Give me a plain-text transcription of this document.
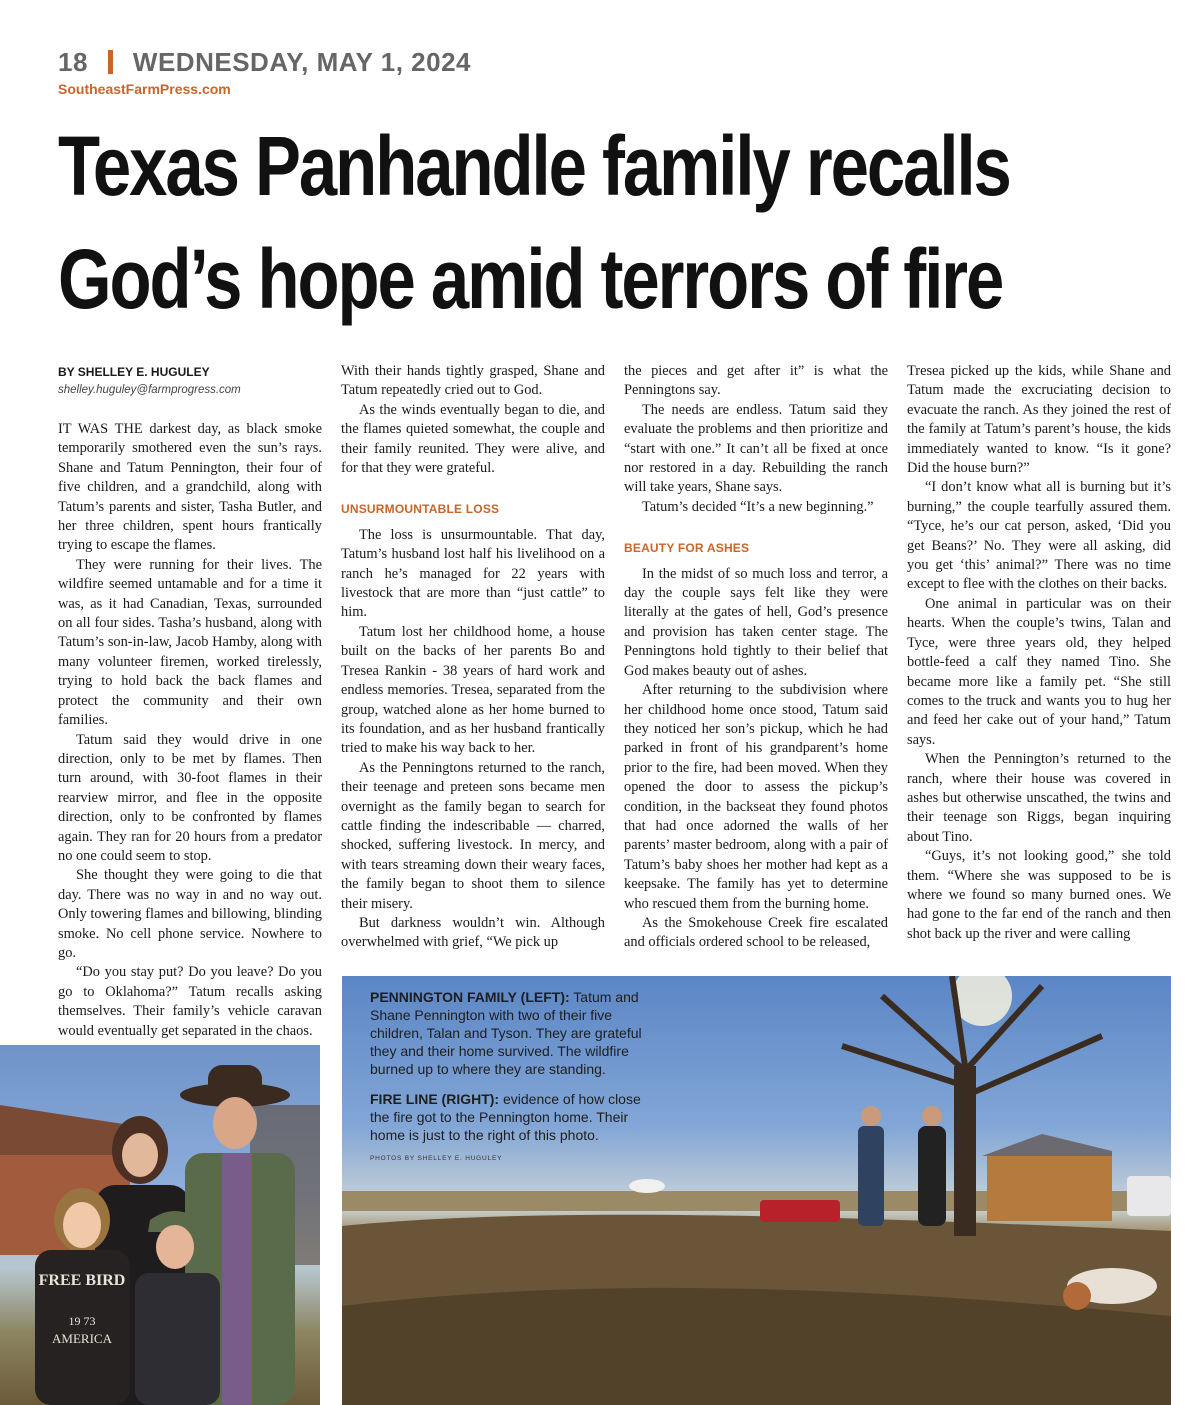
18 WEDNESDAY, MAY 1, 2024
SoutheastFarmPress.com
Texas Panhandle family recalls
God’s hope amid terrors of fire
BY SHELLEY E. HUGULEY
shelley.huguley@farmprogress.com

IT WAS THE darkest day, as black smoke temporarily smothered even the sun’s rays. Shane and Tatum Pennington, their four of five children, and a grandchild, along with Tatum’s parents and sister, Tasha Butler, and her three children, spent hours frantically trying to escape the flames.

They were running for their lives. The wildfire seemed untamable and for a time it was, as it had Canadian, Texas, surrounded on all four sides. Tasha’s husband, along with Tatum’s son-in-law, Jacob Hamby, along with many volunteer firemen, worked tirelessly, trying to hold back the back flames and protect the community and their own families.

Tatum said they would drive in one direction, only to be met by flames. Then turn around, with 30-foot flames in their rearview mirror, and flee in the opposite direction, only to be confronted by flames again. They ran for 20 hours from a predator no one could seem to stop.

She thought they were going to die that day. There was no way in and no way out. Only towering flames and billowing, blinding smoke. No cell phone service. Nowhere to go.

“Do you stay put? Do you leave? Do you go to Oklahoma?” Tatum recalls asking themselves. Their family’s vehicle caravan would eventually get separated in the chaos.

With their hands tightly grasped, Shane and Tatum repeatedly cried out to God.

As the winds eventually began to die, and the flames quieted somewhat, the couple and their family reunited. They were alive, and for that they were grateful.

UNSURMOUNTABLE LOSS

The loss is unsurmountable. That day, Tatum’s husband lost half his livelihood on a ranch he’s managed for 22 years with livestock that are more than “just cattle” to him.

Tatum lost her childhood home, a house built on the backs of her parents Bo and Tresea Rankin - 38 years of hard work and endless memories. Tresea, separated from the group, watched alone as her home burned to its foundation, and as her husband frantically tried to make his way back to her.

As the Penningtons returned to the ranch, their teenage and preteen sons became men overnight as the family began to search for cattle finding the indescribable — charred, shocked, suffering livestock. In mercy, and with tears streaming down their weary faces, the family began to shoot them to silence their misery.

But darkness wouldn’t win. Although overwhelmed with grief, “We pick up

the pieces and get after it” is what the Penningtons say.

The needs are endless. Tatum said they evaluate the problems and then prioritize and “start with one.” It can’t all be fixed at once nor restored in a day. Rebuilding the ranch will take years, Shane says.

Tatum’s decided “It’s a new beginning.”

BEAUTY FOR ASHES

In the midst of so much loss and terror, a day the couple says felt like they were literally at the gates of hell, God’s presence and provision has taken center stage. The Penningtons hold tightly to their belief that God makes beauty out of ashes.

After returning to the subdivision where her childhood home once stood, Tatum said they noticed her son’s pickup, which he had parked in front of his grandparent’s home prior to the fire, had been moved. When they opened the door to assess the pickup’s condition, in the backseat they found photos that had once adorned the walls of her parents’ master bedroom, along with a pair of Tatum’s baby shoes her mother had kept as a keepsake. The family has yet to determine who rescued them from the burning home.

As the Smokehouse Creek fire escalated and officials ordered school to be released,

Tresea picked up the kids, while Shane and Tatum made the excruciating decision to evacuate the ranch. As they joined the rest of the family at Tatum’s parent’s house, the kids immediately wanted to know. “Is it gone? Did the house burn?”

“I don’t know what all is burning but it’s burning,” the couple tearfully assured them. “Tyce, he’s our cat person, asked, ‘Did you get Beans?’ No. They were all asking, did you get ‘this’ animal?” There was no time except to flee with the clothes on their backs.

One animal in particular was on their hearts. When the couple’s twins, Talan and Tyce, were three years old, they helped bottle-feed a calf they named Tino. She became more like a family pet. “She still comes to the truck and wants you to hug her and feed her cake out of your hand,” Tatum says.

When the Pennington’s returned to the ranch, where their house was covered in ashes but otherwise unscathed, the twins and their teenage son Riggs, began inquiring about Tino.

“Guys, it’s not looking good,” she told them. “Where she was supposed to be is where we found so many burned ones. We had gone to the far end of the ranch and then shot back up the river and were calling

FREE BIRD
19 73
AMERICA

PENNINGTON FAMILY (LEFT): Tatum and Shane Pennington with two of their five children, Talan and Tyson. They are grateful they and their home survived. The wildfire burned up to where they are standing.

FIRE LINE (RIGHT): evidence of how close the fire got to the Pennington home. Their home is just to the right of this photo.

PHOTOS BY SHELLEY E. HUGULEY
